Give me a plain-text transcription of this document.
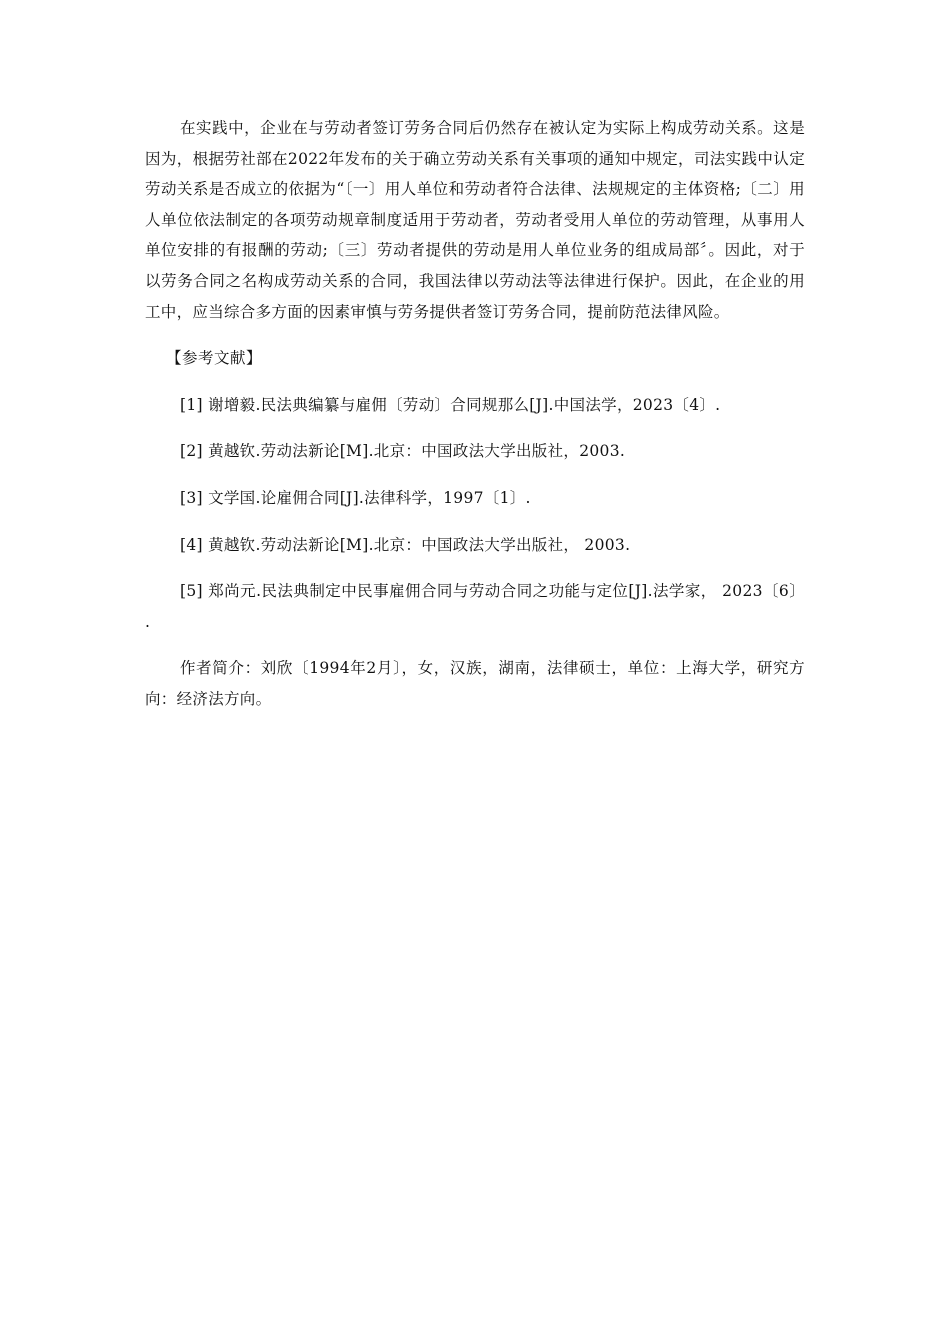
在实践中，企业在与劳动者签订劳务合同后仍然存在被认定为实际上构成劳动关系。这是因为，根据劳社部在2022年发布的关于确立劳动关系有关事项的通知中规定，司法实践中认定劳动关系是否成立的依据为“〔一〕用人单位和劳动者符合法律、法规规定的主体资格;〔二〕用人单位依法制定的各项劳动规章制度适用于劳动者，劳动者受用人单位的劳动管理，从事用人单位安排的有报酬的劳动;〔三〕劳动者提供的劳动是用人单位业务的组成局部〞。因此，对于以劳务合同之名构成劳动关系的合同，我国法律以劳动法等法律进行保护。因此，在企业的用工中，应当综合多方面的因素审慎与劳务提供者签订劳务合同，提前防范法律风险。

【参考文献】

[1] 谢增毅.民法典编纂与雇佣〔劳动〕合同规那么[J].中国法学，2023〔4〕.

[2] 黄越钦.劳动法新论[M].北京：中国政法大学出版社，2003.

[3] 文学国.论雇佣合同[J].法律科学，1997〔1〕.

[4] 黄越钦.劳动法新论[M].北京：中国政法大学出版社， 2003.

[5] 郑尚元.民法典制定中民事雇佣合同与劳动合同之功能与定位[J].法学家， 2023〔6〕 .

作者简介：刘欣〔1994年2月〕，女，汉族，湖南，法律硕士，单位：上海大学，研究方向：经济法方向。
